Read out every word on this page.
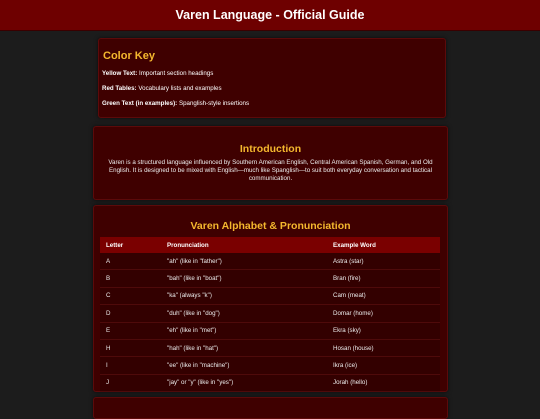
Varen Language - Official Guide
Color Key
Yellow Text: Important section headings
Red Tables: Vocabulary lists and examples
Green Text (in examples): Spanglish-style insertions
Introduction
Varen is a structured language influenced by Southern American English, Central American Spanish, German, and Old English. It is designed to be mixed with English—much like Spanglish—to suit both everyday conversation and tactical communication.
Varen Alphabet & Pronunciation
Letter	Pronunciation	Example Word
A	"ah" (like in "father")	Astra (star)
B	"bah" (like in "boat")	Bran (fire)
C	"ka" (always "k")	Cam (meat)
D	"duh" (like in "dog")	Domar (home)
E	"eh" (like in "met")	Ekra (sky)
H	"hah" (like in "hat")	Hosan (house)
I	"ee" (like in "machine")	Ikra (ice)
J	"jay" or "y" (like in "yes")	Jorah (hello)
